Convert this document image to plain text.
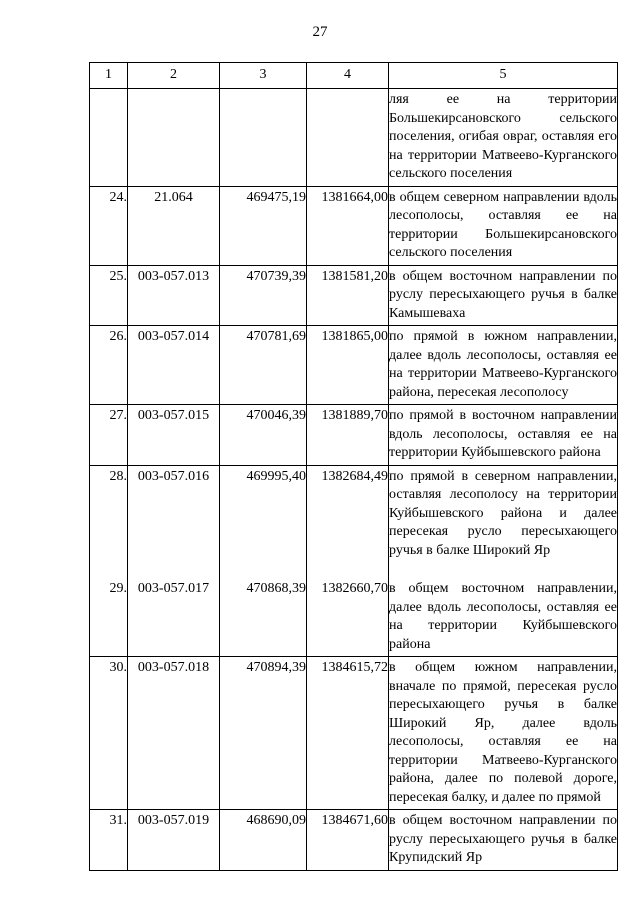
27
1	2	3	4	5
				ляя ее на территории Большекирсановского сельского поселения, огибая овраг, оставляя его на территории Матвеево-Курганского сельского поселения
24.	21.064	469475,19	1381664,00	в общем северном направлении вдоль лесополосы, оставляя ее на территории Большекирсановского сельского поселения
25.	003-057.013	470739,39	1381581,20	в общем восточном направлении по руслу пересыхающего ручья в балке Камышеваха
26.	003-057.014	470781,69	1381865,00	по прямой в южном направлении, далее вдоль лесополосы, оставляя ее на территории Матвеево-Курганского района, пересекая лесополосу
27.	003-057.015	470046,39	1381889,70	по прямой в восточном направлении вдоль лесополосы, оставляя ее на территории Куйбышевского района
28.	003-057.016	469995,40	1382684,49	по прямой в северном направлении, оставляя лесополосу на территории Куйбышевского района и далее пересекая русло пересыхающего ручья в балке Широкий Яр
29.	003-057.017	470868,39	1382660,70	в общем восточном направлении, далее вдоль лесополосы, оставляя ее на территории Куйбышевского района
30.	003-057.018	470894,39	1384615,72	в общем южном направлении, вначале по прямой, пересекая русло пересыхающего ручья в балке Широкий Яр, далее вдоль лесополосы, оставляя ее на территории Матвеево-Курганского района, далее по полевой дороге, пересекая балку, и далее по прямой
31.	003-057.019	468690,09	1384671,60	в общем восточном направлении по руслу пересыхающего ручья в балке Крупидский Яр
